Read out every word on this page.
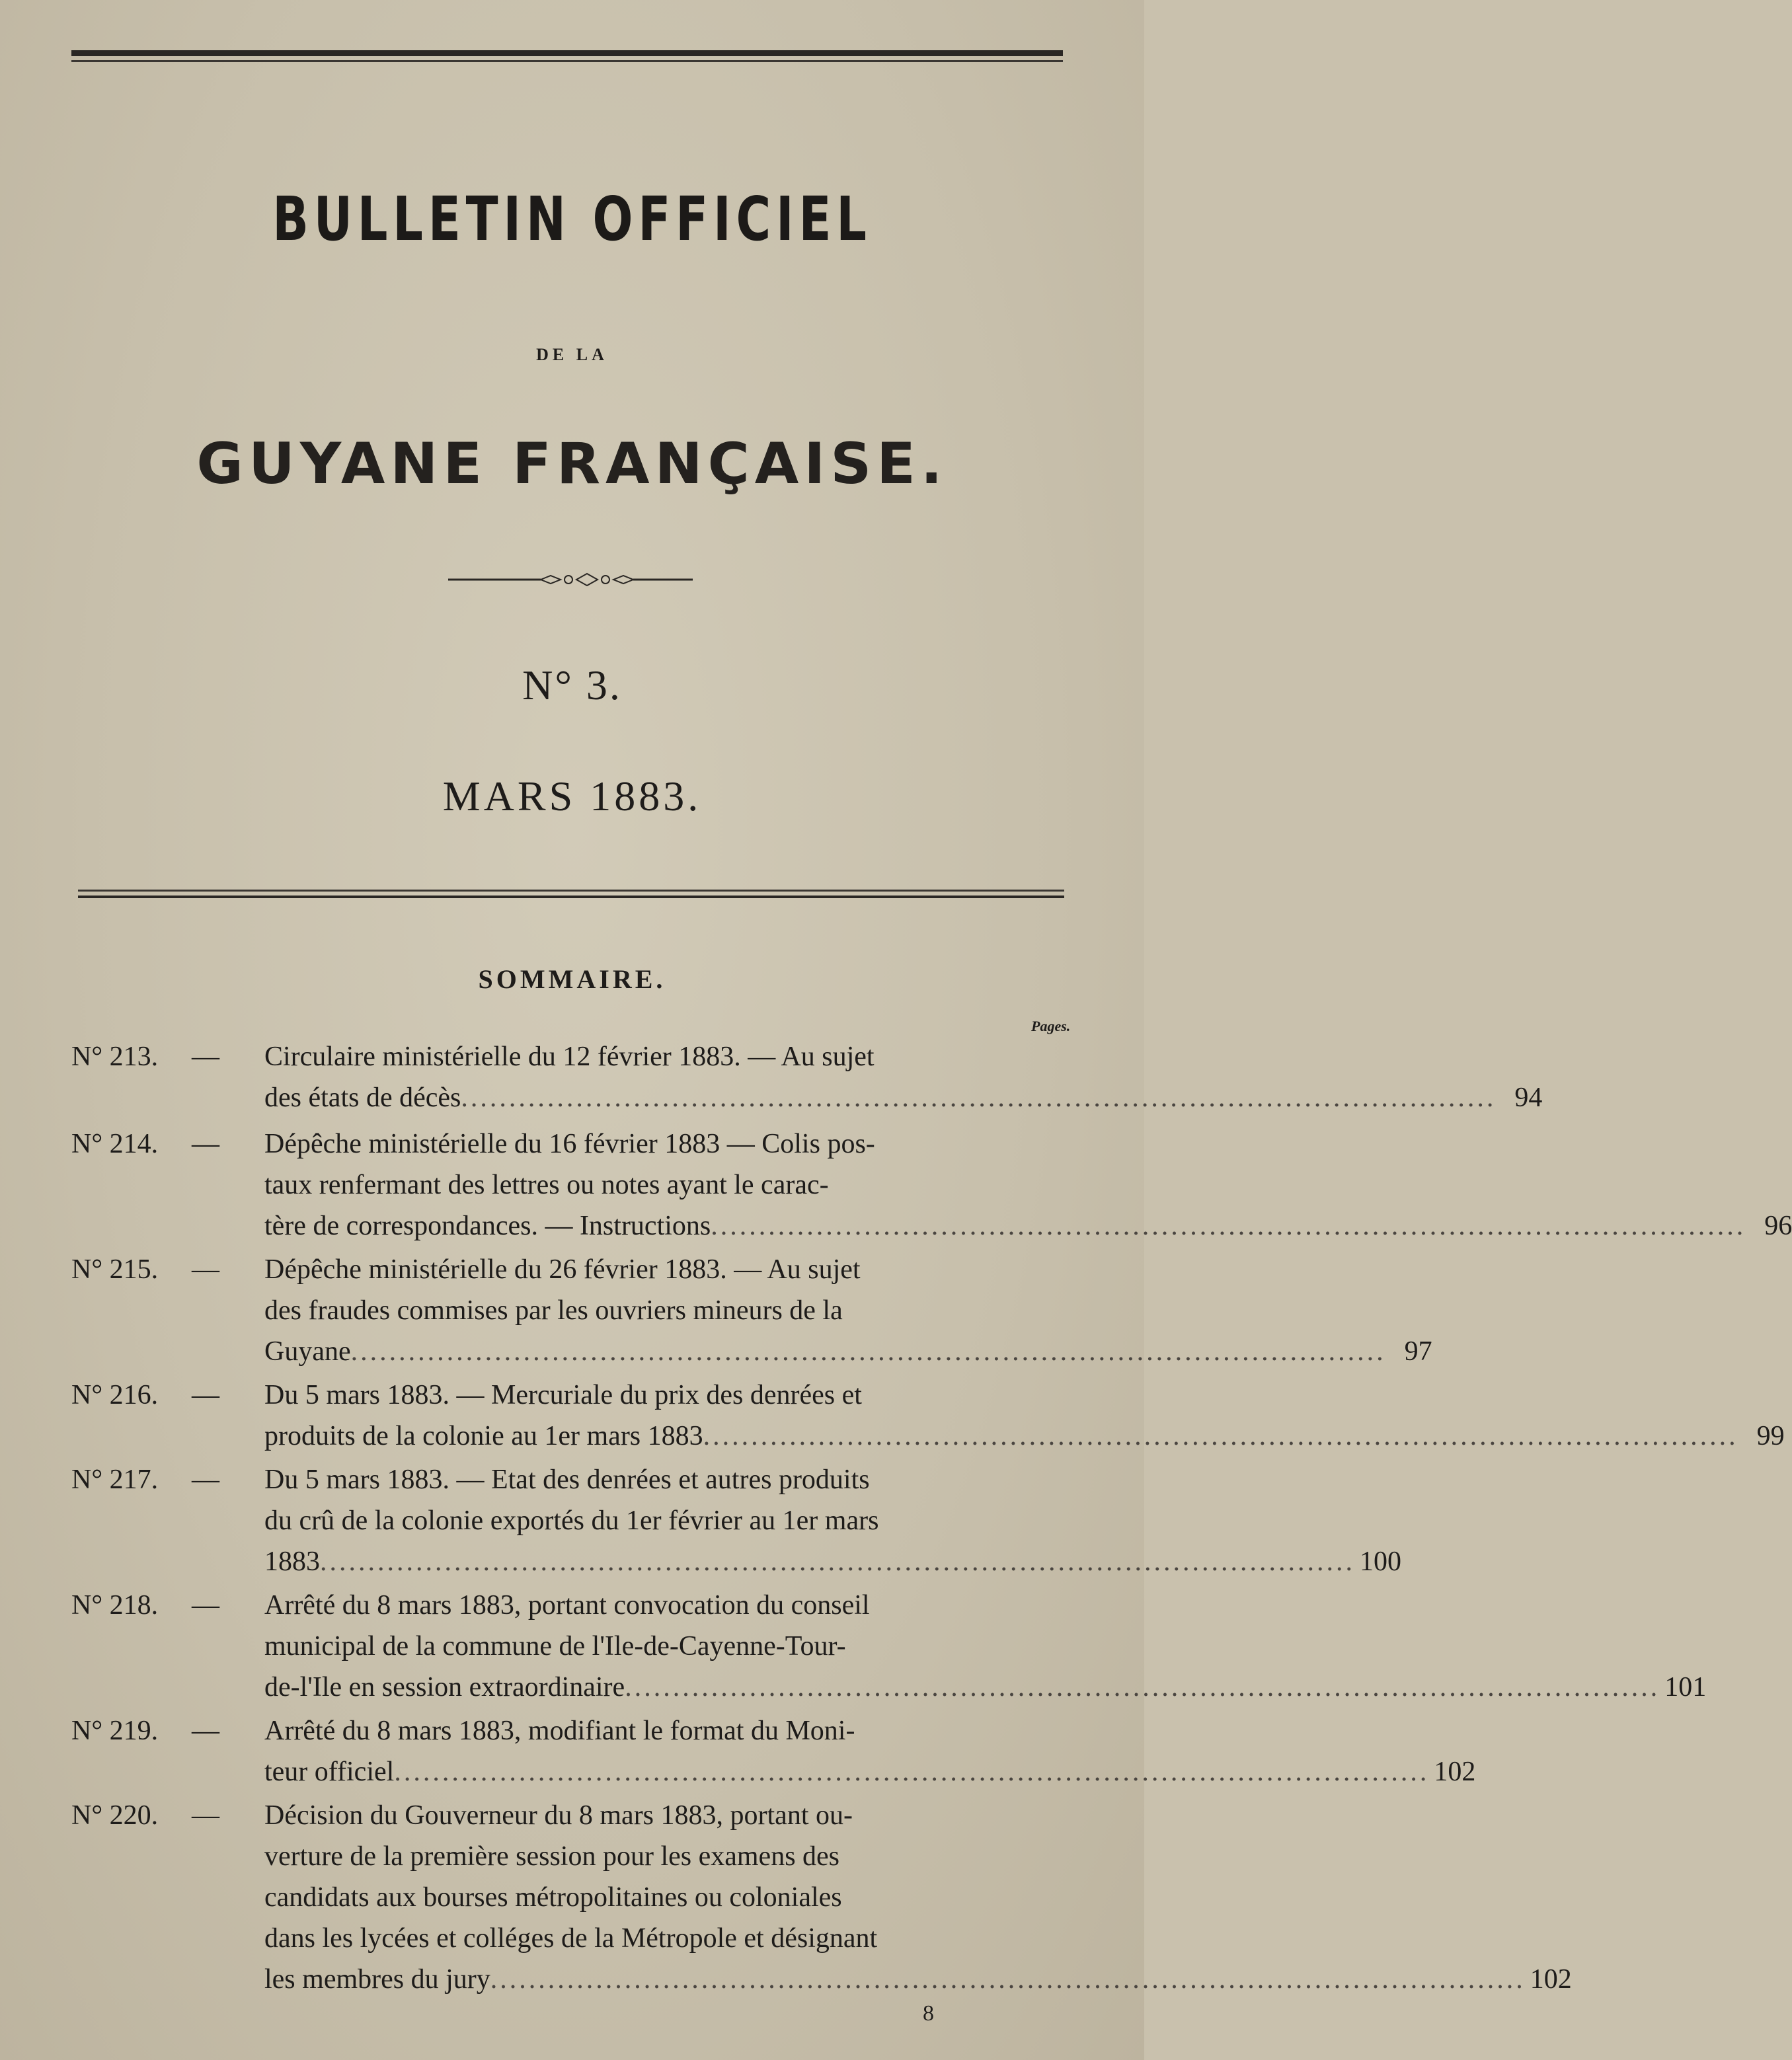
BULLETIN OFFICIEL
DE LA
GUYANE FRANÇAISE.
N° 3.
MARS 1883.
SOMMAIRE.
Pages.
N° 213.	—	Circulaire ministérielle du 12 février 1883. — Au sujet
des états de décès ............................................................................................................ 94
N° 214.	—	Dépêche ministérielle du 16 février 1883 — Colis pos-
taux renfermant des lettres ou notes ayant le carac-
tère de correspondances. — Instructions ............................................................................................................ 96
N° 215.	—	Dépêche ministérielle du 26 février 1883. — Au sujet
des fraudes commises par les ouvriers mineurs de la
Guyane ............................................................................................................ 97
N° 216.	—	Du 5 mars 1883. — Mercuriale du prix des denrées et
produits de la colonie au 1er mars 1883 ............................................................................................................ 99
N° 217.	—	Du 5 mars 1883. — Etat des denrées et autres produits
du crû de la colonie exportés du 1er février au 1er mars
1883 ............................................................................................................ 100
N° 218.	—	Arrêté du 8 mars 1883, portant convocation du conseil
municipal de la commune de l'Ile-de-Cayenne-Tour-
de-l'Ile en session extraordinaire ............................................................................................................ 101
N° 219.	—	Arrêté du 8 mars 1883, modifiant le format du Moni-
teur officiel ............................................................................................................ 102
N° 220.	—	Décision du Gouverneur du 8 mars 1883, portant ou-
verture de la première session pour les examens des
candidats aux bourses métropolitaines ou coloniales
dans les lycées et colléges de la Métropole et désignant
les membres du jury ............................................................................................................ 102
8
